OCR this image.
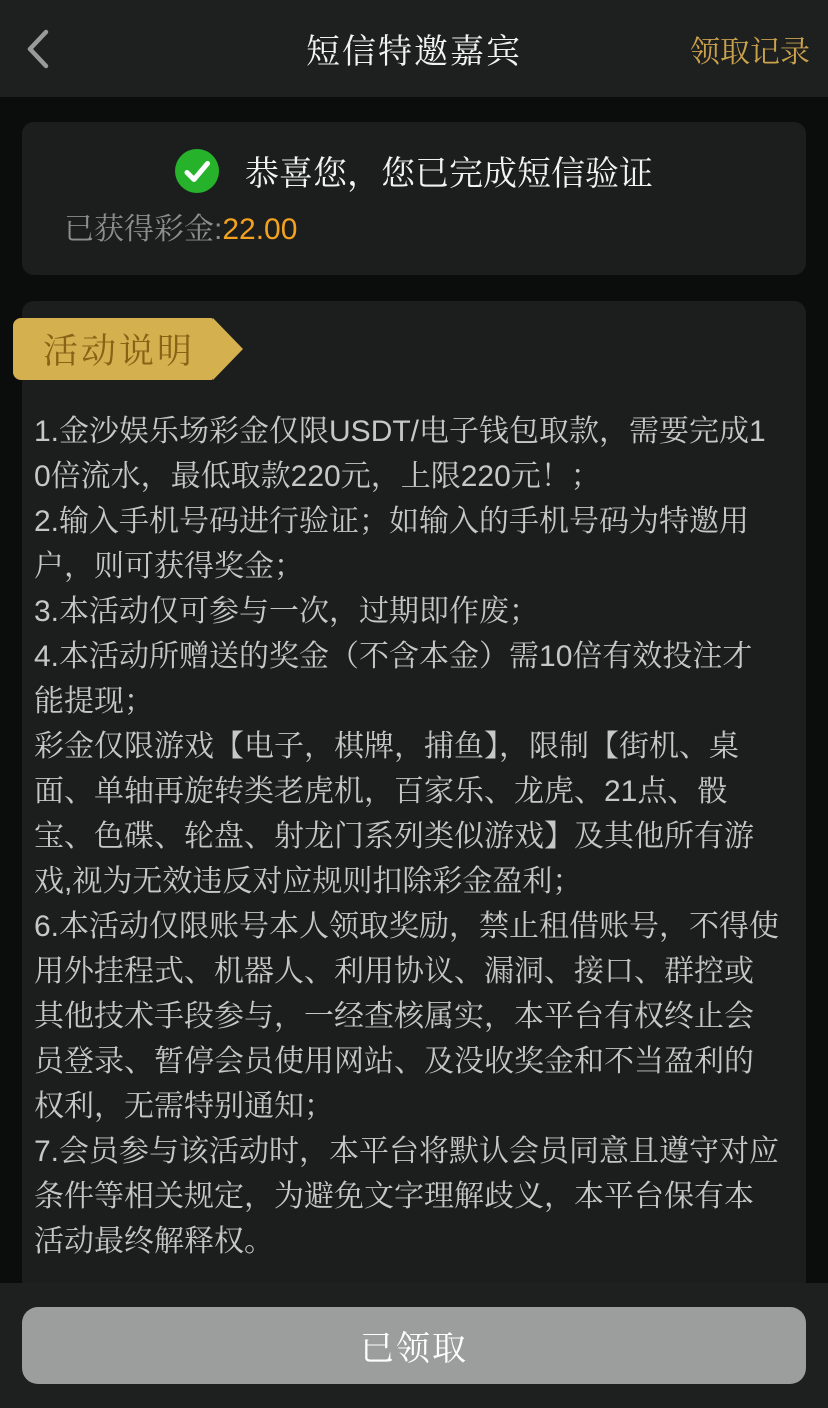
短信特邀嘉宾	领取记录
恭喜您，您已完成短信验证
已获得彩金:22.00
活动说明

1.金沙娱乐场彩金仅限USDT/电子钱包取款，需要完成10倍流水，最低取款220元，上限220元！；

2.输入手机号码进行验证；如输入的手机号码为特邀用户，则可获得奖金；

3.本活动仅可参与一次，过期即作废；

4.本活动所赠送的奖金（不含本金）需10倍有效投注才能提现；

彩金仅限游戏【电子，棋牌，捕鱼】，限制【街机、桌面、单轴再旋转类老虎机，百家乐、龙虎、21点、骰宝、色碟、轮盘、射龙门系列类似游戏】及其他所有游戏,视为无效违反对应规则扣除彩金盈利；

6.本活动仅限账号本人领取奖励，禁止租借账号，不得使用外挂程式、机器人、利用协议、漏洞、接口、群控或其他技术手段参与，一经查核属实，本平台有权终止会员登录、暂停会员使用网站、及没收奖金和不当盈利的权利，无需特别通知；

7.会员参与该活动时，本平台将默认会员同意且遵守对应条件等相关规定，为避免文字理解歧义，本平台保有本活动最终解释权。

已领取
